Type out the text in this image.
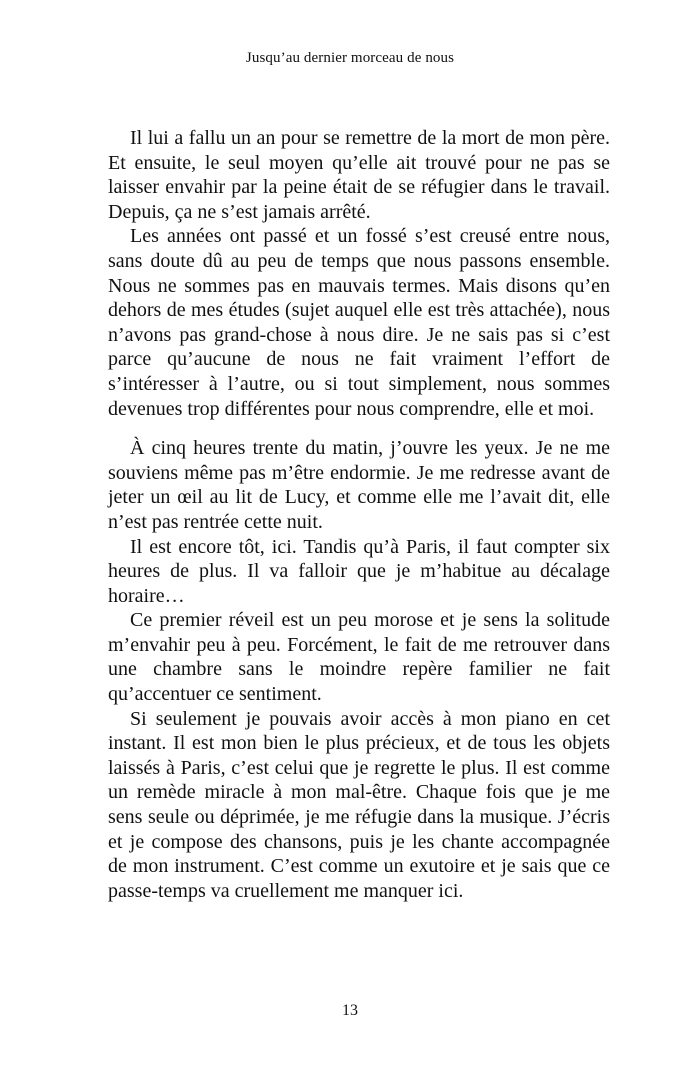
Jusqu’au dernier morceau de nous

Il lui a fallu un an pour se remettre de la mort de mon père. Et ensuite, le seul moyen qu’elle ait trouvé pour ne pas se laisser envahir par la peine était de se réfugier dans le travail. Depuis, ça ne s’est jamais arrêté.

Les années ont passé et un fossé s’est creusé entre nous, sans doute dû au peu de temps que nous passons ensemble. Nous ne sommes pas en mauvais termes. Mais disons qu’en dehors de mes études (sujet auquel elle est très attachée), nous n’avons pas grand-chose à nous dire. Je ne sais pas si c’est parce qu’aucune de nous ne fait vraiment l’effort de s’intéresser à l’autre, ou si tout simplement, nous sommes devenues trop différentes pour nous comprendre, elle et moi.

À cinq heures trente du matin, j’ouvre les yeux. Je ne me souviens même pas m’être endormie. Je me redresse avant de jeter un œil au lit de Lucy, et comme elle me l’avait dit, elle n’est pas rentrée cette nuit.

Il est encore tôt, ici. Tandis qu’à Paris, il faut compter six heures de plus. Il va falloir que je m’habitue au décalage horaire…

Ce premier réveil est un peu morose et je sens la solitude m’envahir peu à peu. Forcément, le fait de me retrouver dans une chambre sans le moindre repère familier ne fait qu’accentuer ce sentiment.

Si seulement je pouvais avoir accès à mon piano en cet instant. Il est mon bien le plus précieux, et de tous les objets laissés à Paris, c’est celui que je regrette le plus. Il est comme un remède miracle à mon mal-être. Chaque fois que je me sens seule ou déprimée, je me réfugie dans la musique. J’écris et je compose des chansons, puis je les chante accompagnée de mon instrument. C’est comme un exutoire et je sais que ce passe-temps va cruellement me manquer ici.

13
